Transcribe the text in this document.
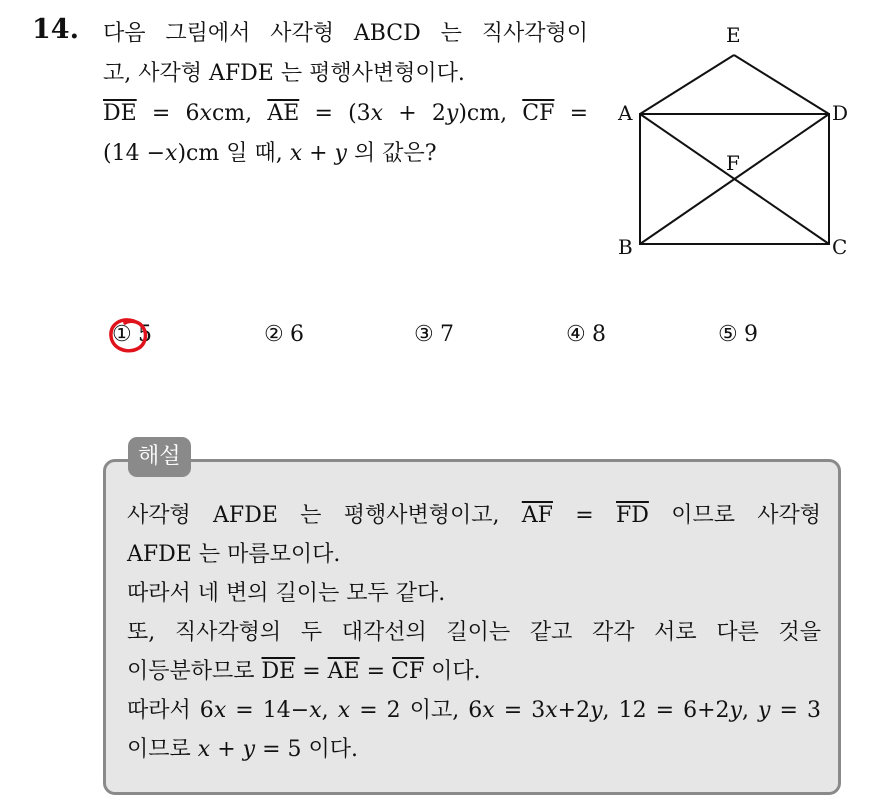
14. 다음 그림에서 사각형 ABCD 는 직사각형이
고, 사각형 AFDE 는 평행사변형이다.
$\overline{DE} = 6xcm$, $\overline{AE} = (3x + 2y)cm$, $\overline{CF}$ =
(14 −x)cm 일 때, x + y 의 값은?
E
A	D
F
B	C
① 5	② 6	③ 7	④ 8	⑤ 9
해설
사각형 AFDE 는 평행사변형이고, $\overline{AF} = \overline{FD}$ 이므로 사각형
AFDE 는 마름모이다.
따라서 네 변의 길이는 모두 같다.
또, 직사각형의 두 대각선의 길이는 같고 각각 서로 다른 것을
이등분하므로 $\overline{DE} = \overline{AE} = \overline{CF}$ 이다.
따라서 6x = 14−x, x = 2 이고, 6x = 3x+2y, 12 = 6+2y, y = 3
이므로 x + y = 5 이다.
